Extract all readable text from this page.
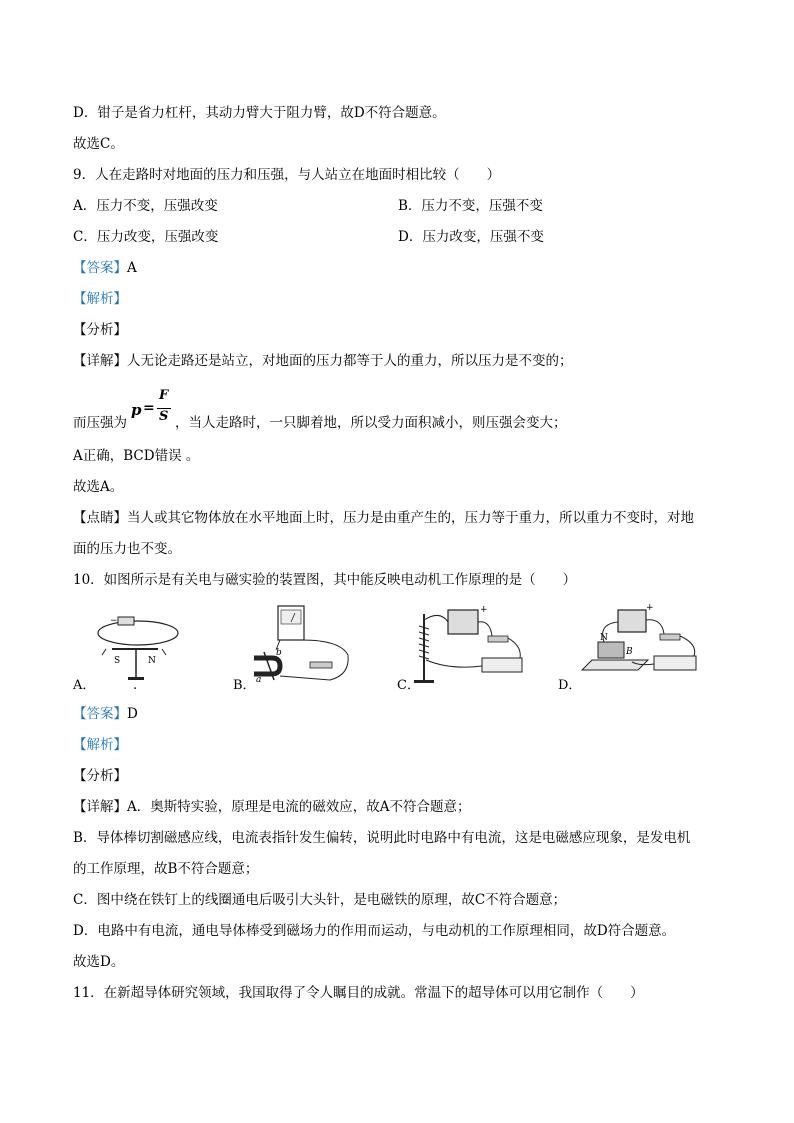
D．钳子是省力杠杆，其动力臂大于阻力臂，故D不符合题意。
故选C。
9．人在走路时对地面的压力和压强，与人站立在地面时相比较（　　）
A．压力不变，压强改变	B．压力不变，压强不变
C．压力改变，压强改变	D．压力改变，压强不变
【答案】A
【解析】
【分析】
【详解】人无论走路还是站立，对地面的压力都等于人的重力，所以压力是不变的；
而压强为
p =
F
S ，当人走路时，一只脚着地，所以受力面积减小，则压强会变大；
A正确，BCD错误 。
故选A。
【点睛】当人或其它物体放在水平地面上时，压力是由重产生的，压力等于重力，所以重力不变时，对地
面的压力也不变。
10．如图所示是有关电与磁实验的装置图，其中能反映电动机工作原理的是（　　）
−
S	N
b
a
+	+
N
B
A．	.	B．	C．	D．
【答案】D
【解析】
【分析】
【详解】A．奥斯特实验，原理是电流的磁效应，故A不符合题意；
B．导体棒切割磁感应线，电流表指针发生偏转，说明此时电路中有电流，这是电磁感应现象，是发电机
的工作原理，故B不符合题意；
C．图中绕在铁钉上的线圈通电后吸引大头针，是电磁铁的原理，故C不符合题意；
D．电路中有电流，通电导体棒受到磁场力的作用而运动，与电动机的工作原理相同，故D符合题意。
故选D。
11．在新超导体研究领域，我国取得了令人瞩目的成就。常温下的超导体可以用它制作（　　）
